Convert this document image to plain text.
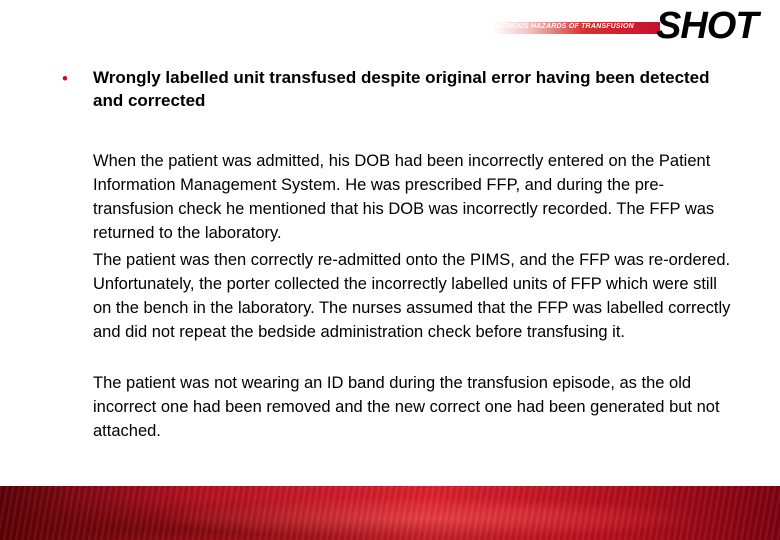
SERIOUS HAZARDS OF TRANSFUSION SHOT
• Wrongly labelled unit transfused despite original error having been detected and corrected
When the patient was admitted, his DOB had been incorrectly entered on the Patient Information Management System. He was prescribed FFP, and during the pre-transfusion check he mentioned that his DOB was incorrectly recorded. The FFP was returned to the laboratory.
The patient was then correctly re-admitted onto the PIMS, and the FFP was re-ordered. Unfortunately, the porter collected the incorrectly labelled units of FFP which were still on the bench in the laboratory. The nurses assumed that the FFP was labelled correctly and did not repeat the bedside administration check before transfusing it.
The patient was not wearing an ID band during the transfusion episode, as the old incorrect one had been removed and the new correct one had been generated but not attached.
